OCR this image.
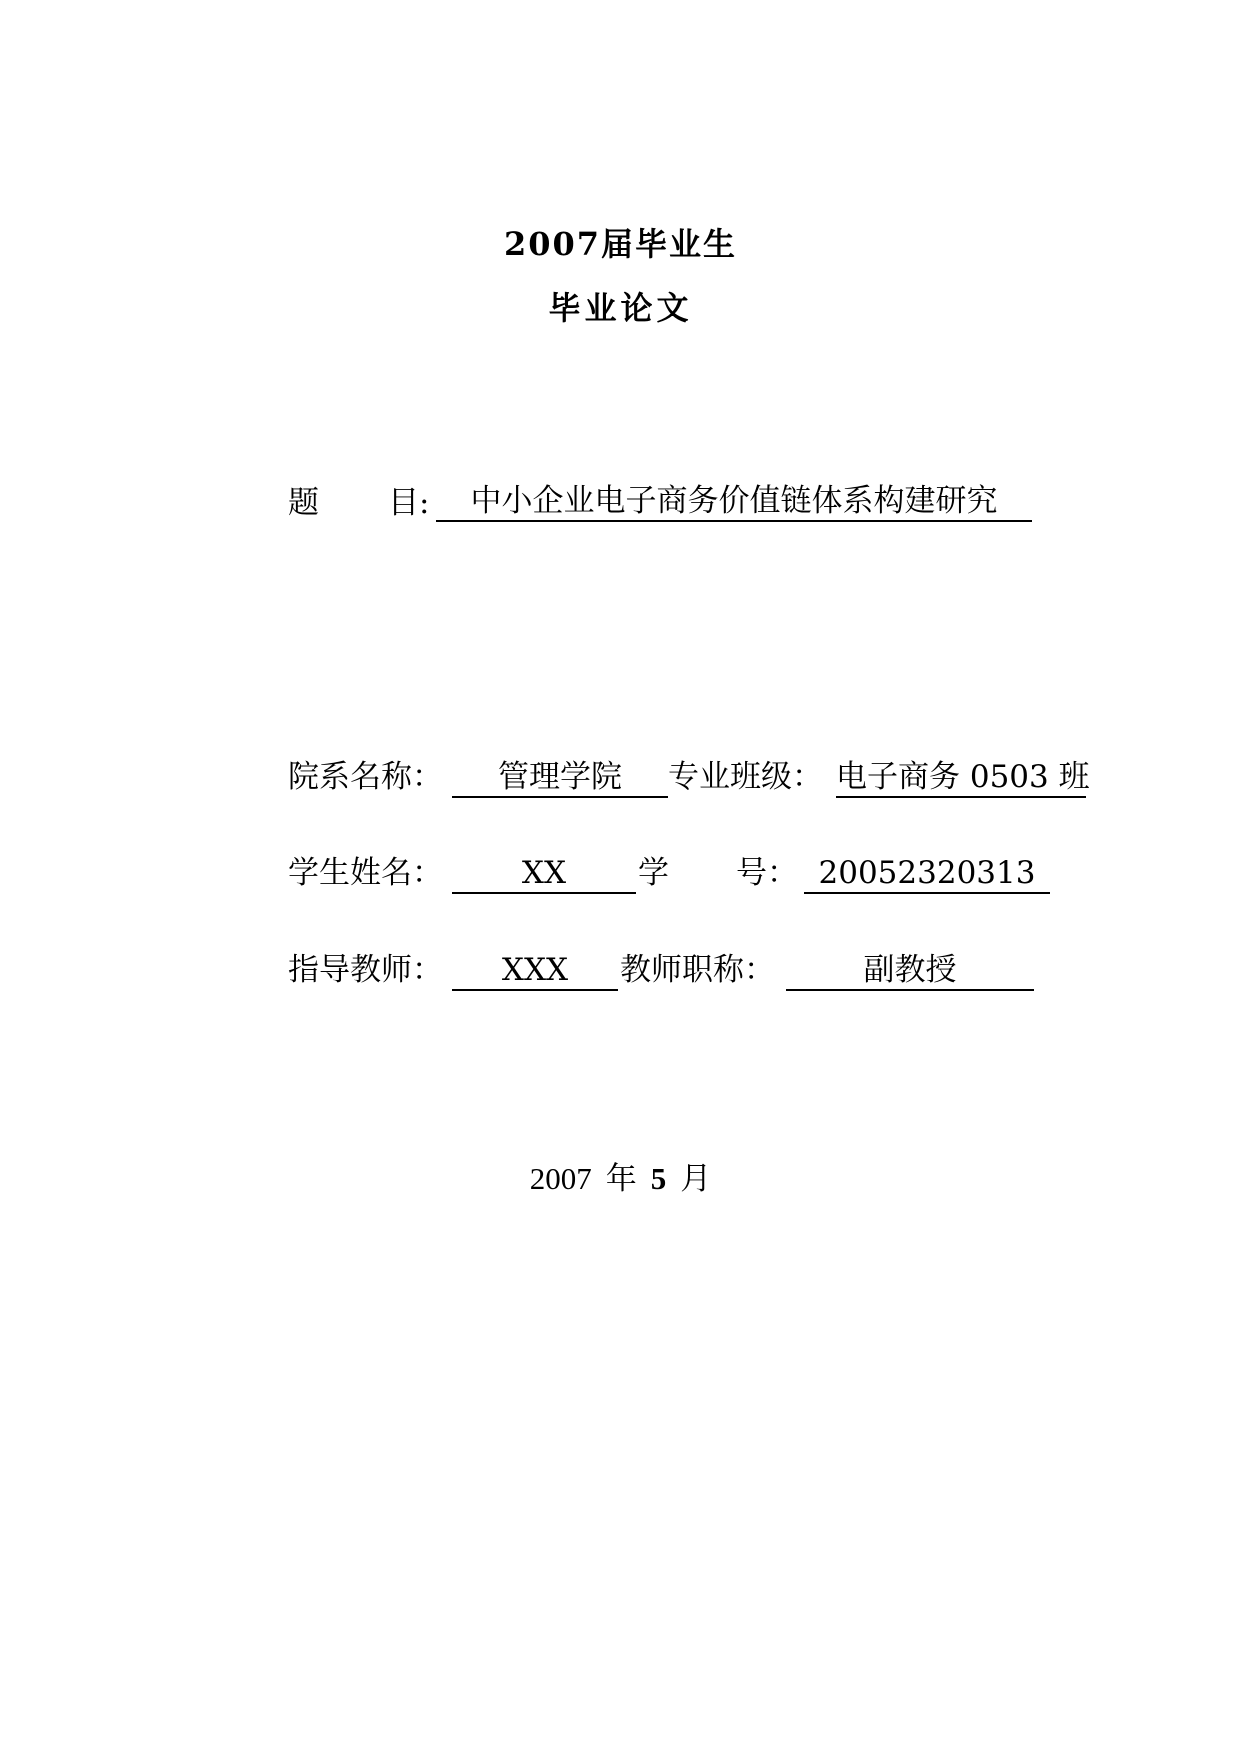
2007届毕业生
毕业论文
题 目:	中小企业电子商务价值链体系构建研究
院系名称：	管理学院	专业班级： 电子商务 0503 班
学生姓名：	XX	学 号： 20052320313
指导教师：	XXX	教师职称：	副教授
2007 年 5 月
